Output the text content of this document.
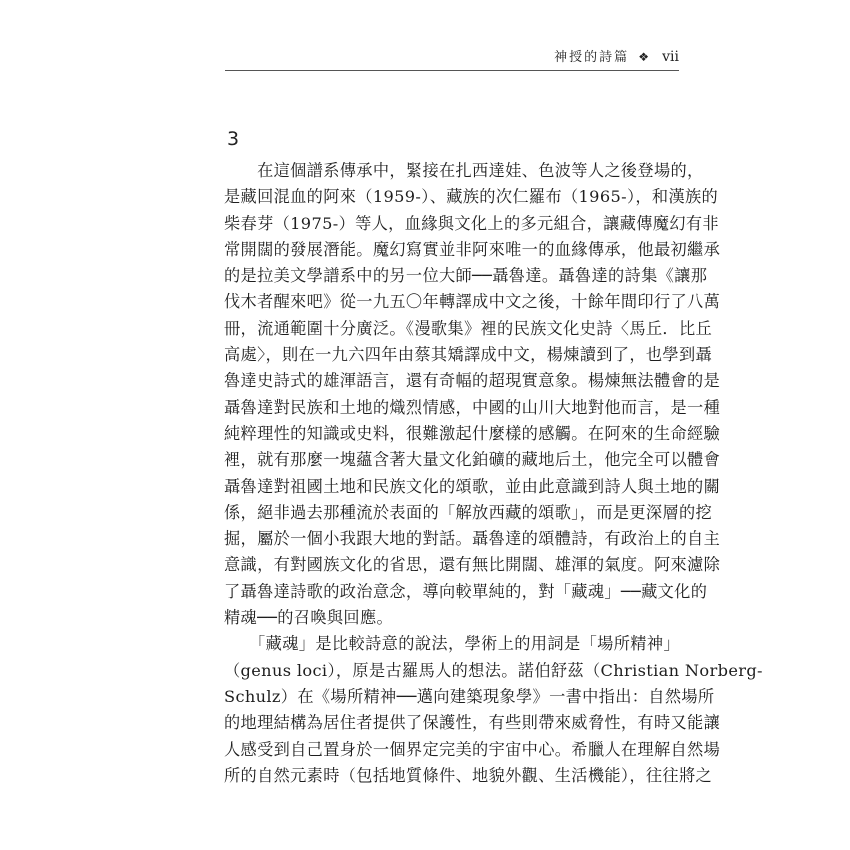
神授的詩篇 ❖ vii
3
　　在這個譜系傳承中，緊接在扎西達娃、色波等人之後登場的，
是藏回混血的阿來（1959-）、藏族的次仁羅布（1965-），和漢族的
柴春芽（1975-）等人，血緣與文化上的多元組合，讓藏傳魔幻有非
常開闊的發展潛能。魔幻寫實並非阿來唯一的血緣傳承，他最初繼承
的是拉美文學譜系中的另一位大師──聶魯達。聶魯達的詩集《讓那
伐木者醒來吧》從一九五〇年轉譯成中文之後，十餘年間印行了八萬
冊，流通範圍十分廣泛。《漫歌集》裡的民族文化史詩〈馬丘．比丘
高處〉，則在一九六四年由蔡其矯譯成中文，楊煉讀到了，也學到聶
魯達史詩式的雄渾語言，還有奇幅的超現實意象。楊煉無法體會的是
聶魯達對民族和土地的熾烈情感，中國的山川大地對他而言，是一種
純粹理性的知識或史料，很難激起什麼樣的感觸。在阿來的生命經驗
裡，就有那麼一塊蘊含著大量文化鉑礦的藏地后土，他完全可以體會
聶魯達對祖國土地和民族文化的頌歌，並由此意識到詩人與土地的關
係，絕非過去那種流於表面的「解放西藏的頌歌」，而是更深層的挖
掘，屬於一個小我跟大地的對話。聶魯達的頌體詩，有政治上的自主
意識，有對國族文化的省思，還有無比開闊、雄渾的氣度。阿來濾除
了聶魯達詩歌的政治意念，導向較單純的，對「藏魂」──藏文化的
精魂──的召喚與回應。
　　「藏魂」是比較詩意的說法，學術上的用詞是「場所精神」
（genus loci），原是古羅馬人的想法。諾伯舒茲（Christian Norberg-
Schulz）在《場所精神──邁向建築現象學》一書中指出：自然場所
的地理結構為居住者提供了保護性，有些則帶來威脅性，有時又能讓
人感受到自己置身於一個界定完美的宇宙中心。希臘人在理解自然場
所的自然元素時（包括地質條件、地貌外觀、生活機能），往往將之
